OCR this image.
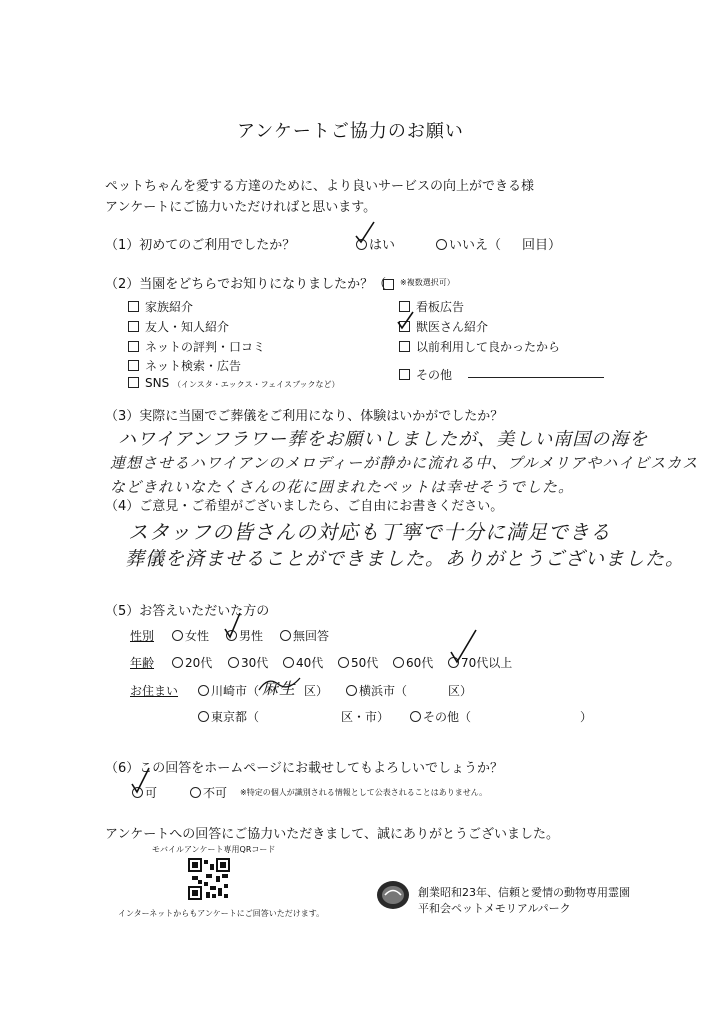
アンケートご協力のお願い
ペットちゃんを愛する方達のために、より良いサービスの向上ができる様
アンケートにご協力いただければと思います。
（1）初めてのご利用でしたか？	はい	いいえ（ 回目）
（2）当園をどちらでお知りになりましたか？（ ※複数選択可）
家族紹介
友人・知人紹介
ネットの評判・口コミ
ネット検索・広告
SNS （インスタ・エックス・フェイスブックなど）
看板広告
獣医さん紹介
以前利用して良かったから
その他
（3）実際に当園でご葬儀をご利用になり、体験はいかがでしたか？
ハワイアンフラワー葬をお願いしましたが、美しい南国の海を
連想させるハワイアンのメロディーが静かに流れる中、プルメリアやハイビスカス
などきれいなたくさんの花に囲まれたペットは幸せそうでした。
（4）ご意見・ご希望がございましたら、ご自由にお書きください。
スタッフの皆さんの対応も丁寧で十分に満足できる
葬儀を済ませることができました。ありがとうございました。
（5）お答えいただいた方の
性別	女性	男性	無回答
年齢	20代	30代	40代	50代	60代	70代以上
お住まい	川崎市（ 麻生 区）	横浜市（	区）
東京都（	区・市）	その他（	）
（6）この回答をホームページにお載せしてもよろしいでしょうか？
可	不可 ※特定の個人が識別される情報として公表されることはありません。
アンケートへの回答にご協力いただきまして、誠にありがとうございました。
モバイルアンケート専用QRコード
インターネットからもアンケートにご回答いただけます。
創業昭和23年、信頼と愛情の動物専用霊園
平和会ペットメモリアルパーク
